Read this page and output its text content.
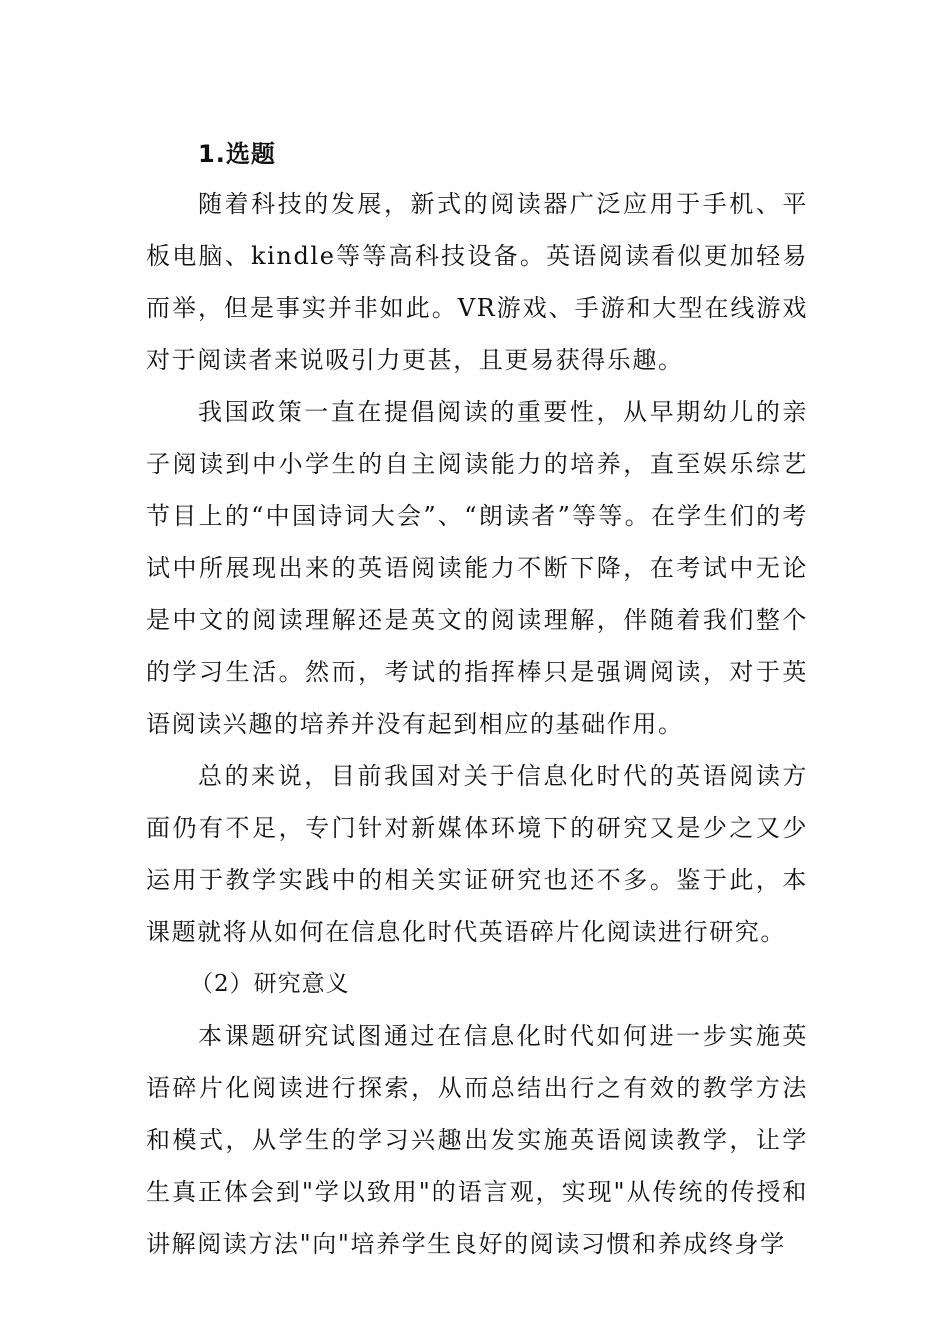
1.选题

随着科技的发展，新式的阅读器广泛应用于手机、平板电脑、kindle等等高科技设备。英语阅读看似更加轻易而举，但是事实并非如此。VR游戏、手游和大型在线游戏对于阅读者来说吸引力更甚，且更易获得乐趣。

我国政策一直在提倡阅读的重要性，从早期幼儿的亲子阅读到中小学生的自主阅读能力的培养，直至娱乐综艺节目上的“中国诗词大会”、“朗读者”等等。在学生们的考试中所展现出来的英语阅读能力不断下降，在考试中无论是中文的阅读理解还是英文的阅读理解，伴随着我们整个的学习生活。然而，考试的指挥棒只是强调阅读，对于英语阅读兴趣的培养并没有起到相应的基础作用。

总的来说，目前我国对关于信息化时代的英语阅读方面仍有不足，专门针对新媒体环境下的研究又是少之又少运用于教学实践中的相关实证研究也还不多。鉴于此，本课题就将从如何在信息化时代英语碎片化阅读进行研究。

（2）研究意义

本课题研究试图通过在信息化时代如何进一步实施英语碎片化阅读进行探索，从而总结出行之有效的教学方法和模式，从学生的学习兴趣出发实施英语阅读教学，让学生真正体会到"学以致用"的语言观，实现"从传统的传授和讲解阅读方法"向"培养学生良好的阅读习惯和养成终身学
